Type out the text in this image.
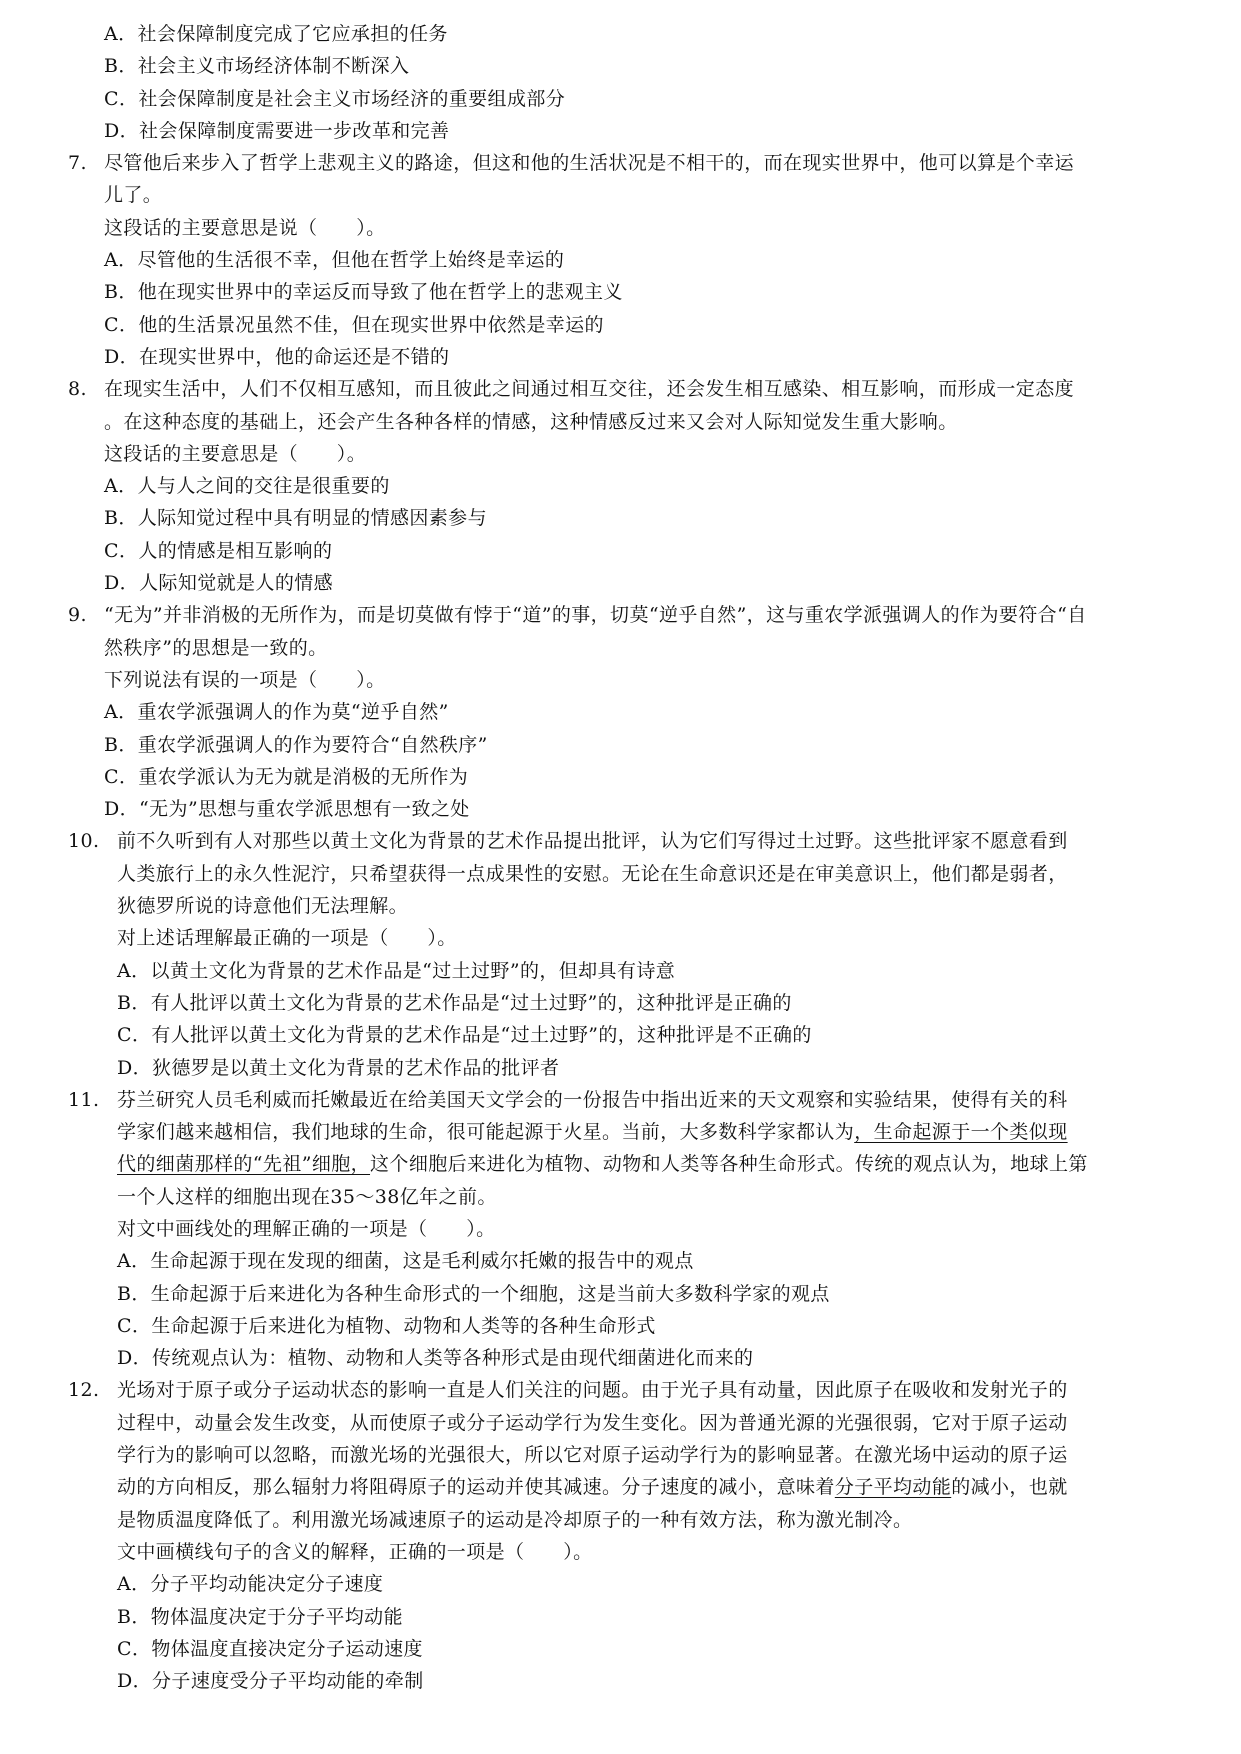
A．社会保障制度完成了它应承担的任务
B．社会主义市场经济体制不断深入
C．社会保障制度是社会主义市场经济的重要组成部分
D．社会保障制度需要进一步改革和完善
7. 尽管他后来步入了哲学上悲观主义的路途，但这和他的生活状况是不相干的，而在现实世界中，他可以算是个幸运
儿了。
这段话的主要意思是说（　　）。
A．尽管他的生活很不幸，但他在哲学上始终是幸运的
B．他在现实世界中的幸运反而导致了他在哲学上的悲观主义
C．他的生活景况虽然不佳，但在现实世界中依然是幸运的
D．在现实世界中，他的命运还是不错的
8. 在现实生活中，人们不仅相互感知，而且彼此之间通过相互交往，还会发生相互感染、相互影响，而形成一定态度
。在这种态度的基础上，还会产生各种各样的情感，这种情感反过来又会对人际知觉发生重大影响。
这段话的主要意思是（　　）。
A．人与人之间的交往是很重要的
B．人际知觉过程中具有明显的情感因素参与
C．人的情感是相互影响的
D．人际知觉就是人的情感
9. “无为”并非消极的无所作为，而是切莫做有悖于“道”的事，切莫“逆乎自然”，这与重农学派强调人的作为要符合“自
然秩序”的思想是一致的。
下列说法有误的一项是（　　）。
A．重农学派强调人的作为莫“逆乎自然”
B．重农学派强调人的作为要符合“自然秩序”
C．重农学派认为无为就是消极的无所作为
D．“无为”思想与重农学派思想有一致之处
10. 前不久听到有人对那些以黄土文化为背景的艺术作品提出批评，认为它们写得过土过野。这些批评家不愿意看到
人类旅行上的永久性泥泞，只希望获得一点成果性的安慰。无论在生命意识还是在审美意识上，他们都是弱者，
狄德罗所说的诗意他们无法理解。
对上述话理解最正确的一项是（　　）。
A．以黄土文化为背景的艺术作品是“过土过野”的，但却具有诗意
B．有人批评以黄土文化为背景的艺术作品是“过土过野”的，这种批评是正确的
C．有人批评以黄土文化为背景的艺术作品是“过土过野”的，这种批评是不正确的
D．狄德罗是以黄土文化为背景的艺术作品的批评者
11. 芬兰研究人员毛利威而托嫩最近在给美国天文学会的一份报告中指出近来的天文观察和实验结果，使得有关的科
学家们越来越相信，我们地球的生命，很可能起源于火星。当前，大多数科学家都认为，生命起源于一个类似现
代的细菌那样的“先祖”细胞，这个细胞后来进化为植物、动物和人类等各种生命形式。传统的观点认为，地球上第
一个人这样的细胞出现在35～38亿年之前。
对文中画线处的理解正确的一项是（　　）。
A．生命起源于现在发现的细菌，这是毛利威尔托嫩的报告中的观点
B．生命起源于后来进化为各种生命形式的一个细胞，这是当前大多数科学家的观点
C．生命起源于后来进化为植物、动物和人类等的各种生命形式
D．传统观点认为：植物、动物和人类等各种形式是由现代细菌进化而来的
12. 光场对于原子或分子运动状态的影响一直是人们关注的问题。由于光子具有动量，因此原子在吸收和发射光子的
过程中，动量会发生改变，从而使原子或分子运动学行为发生变化。因为普通光源的光强很弱，它对于原子运动
学行为的影响可以忽略，而激光场的光强很大，所以它对原子运动学行为的影响显著。在激光场中运动的原子运
动的方向相反，那么辐射力将阻碍原子的运动并使其减速。分子速度的减小，意味着分子平均动能的减小，也就
是物质温度降低了。利用激光场减速原子的运动是冷却原子的一种有效方法，称为激光制冷。
文中画横线句子的含义的解释，正确的一项是（　　）。
A．分子平均动能决定分子速度
B．物体温度决定于分子平均动能
C．物体温度直接决定分子运动速度
D．分子速度受分子平均动能的牵制
